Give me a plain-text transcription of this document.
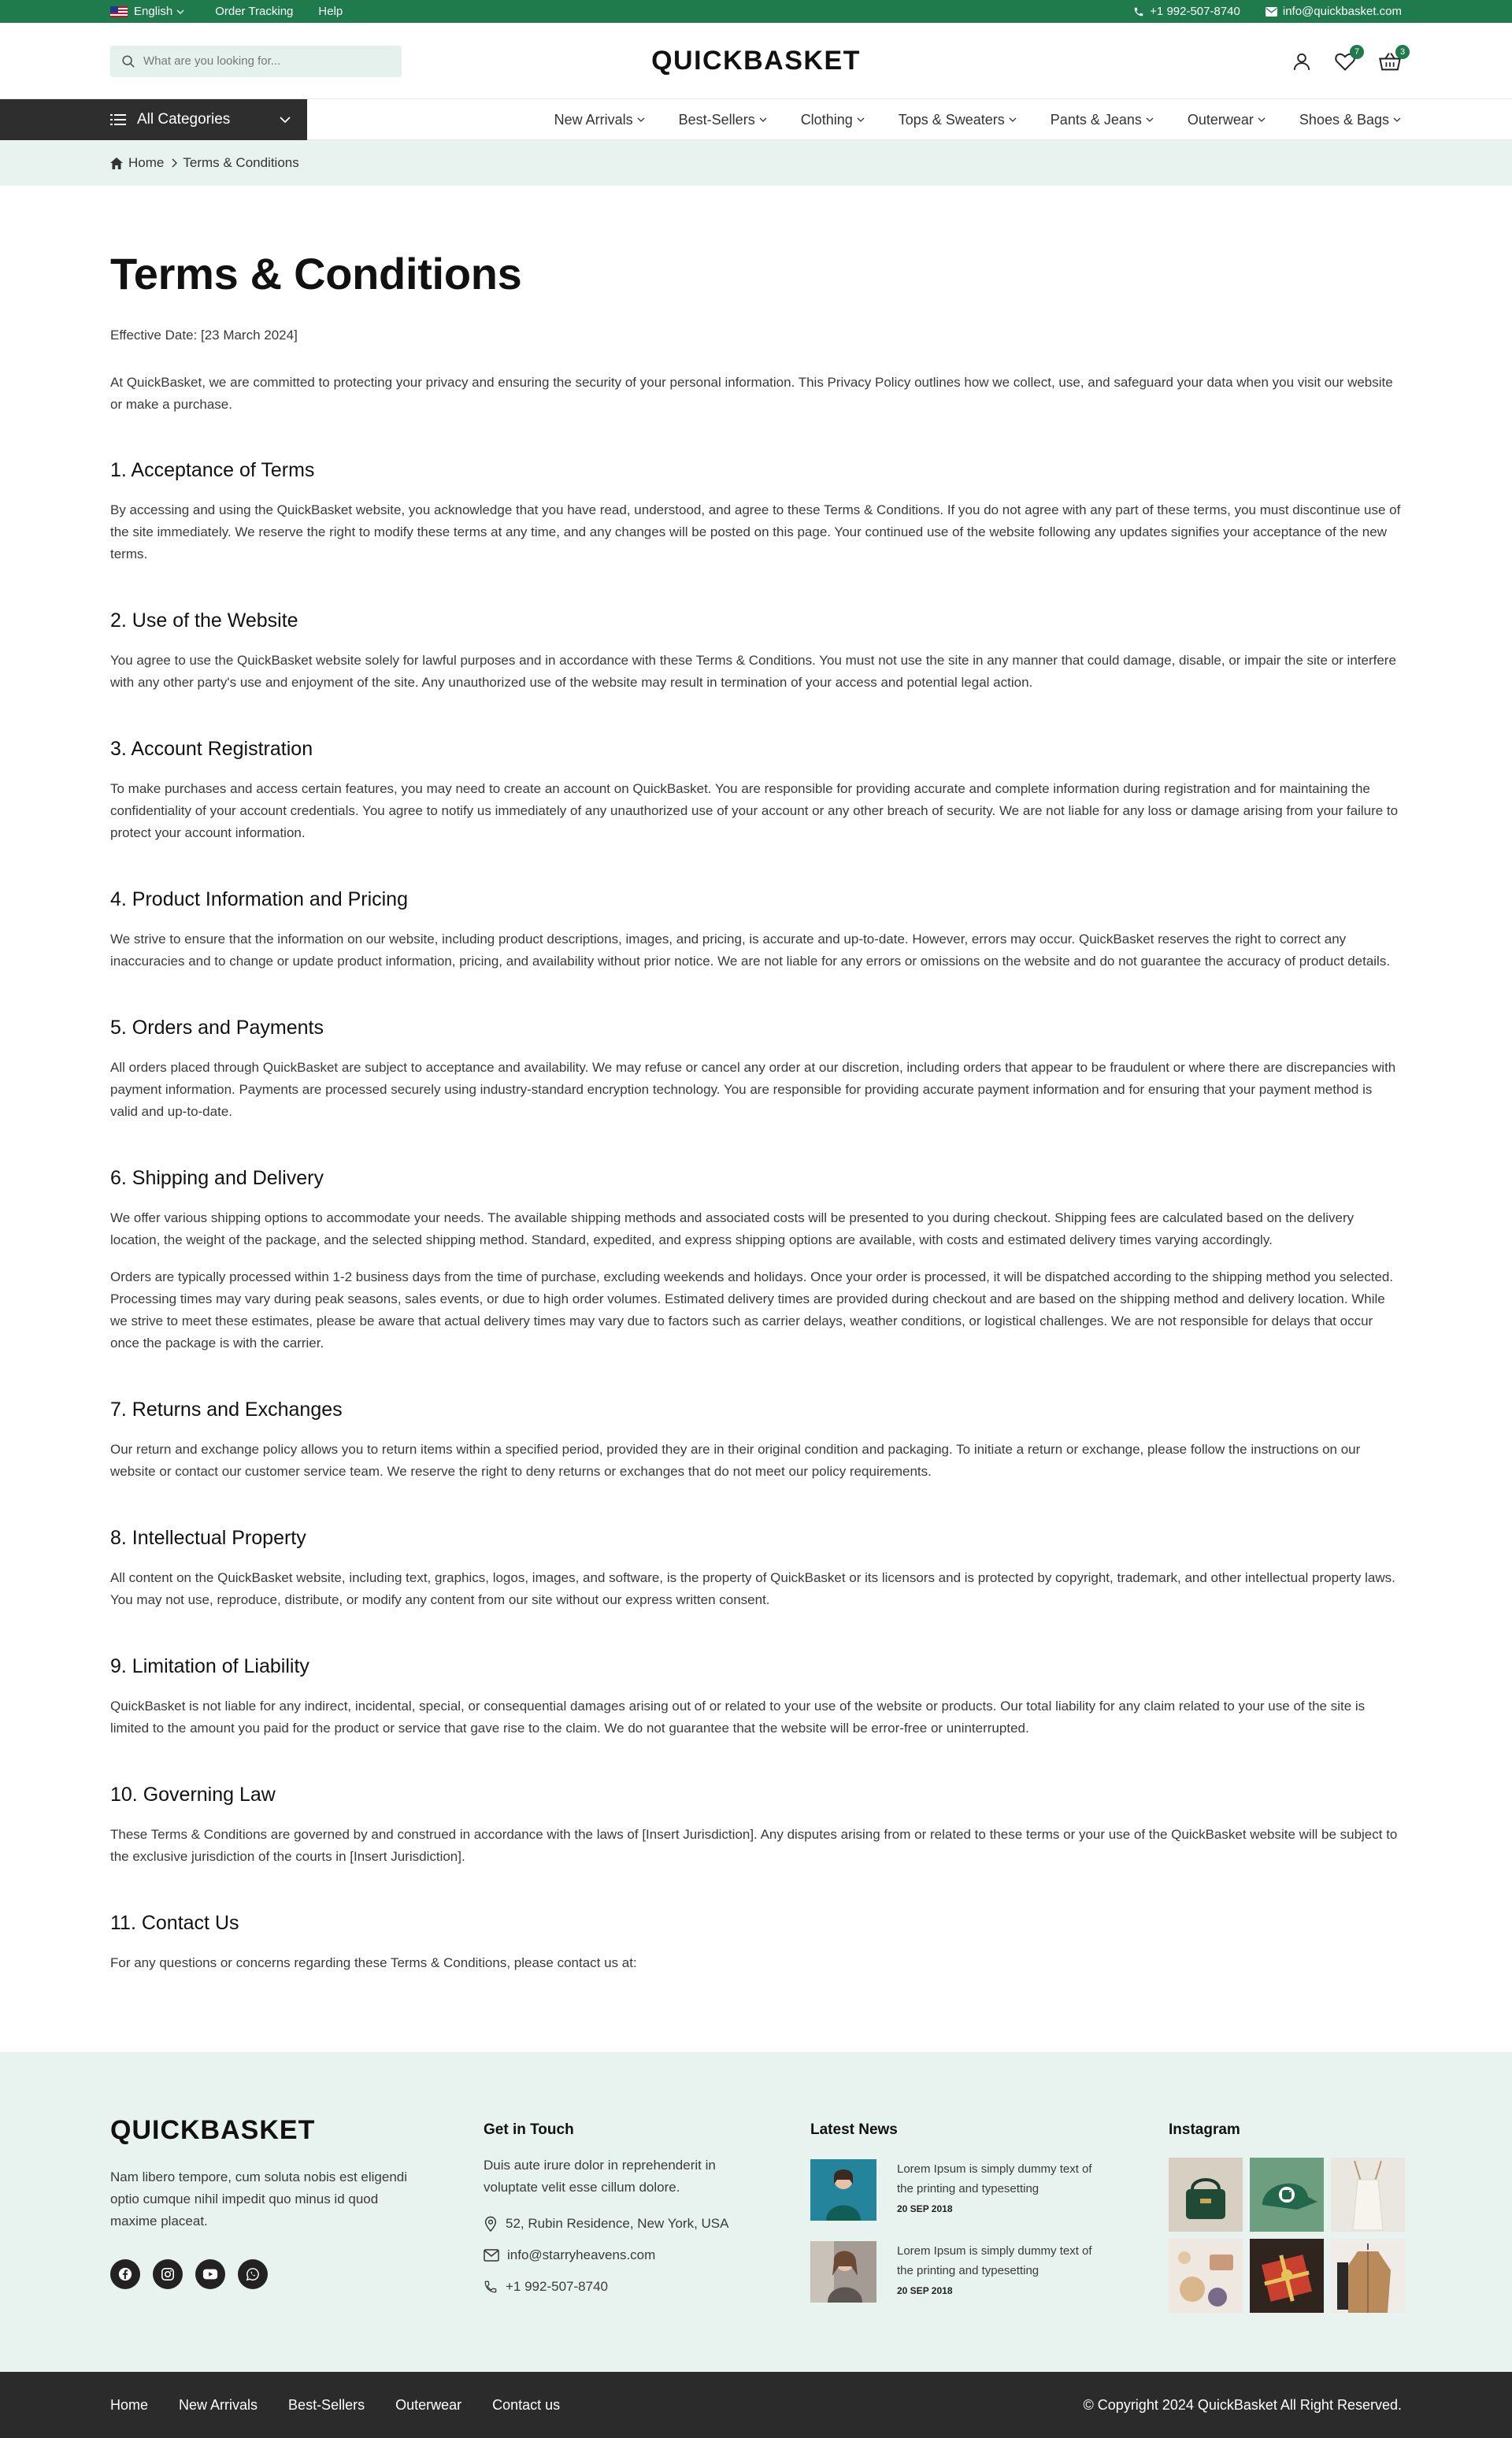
English	Order Tracking Help	+1 992-507-8740	info@quickbasket.com
What are you looking for...
QUICKBASKET	7	3
All Categories	New Arrivals	Best-Sellers	Clothing	Tops & Sweaters	Pants & Jeans	Outerwear	Shoes & Bags
Home Terms & Conditions
Terms & Conditions

Effective Date: [23 March 2024]

At QuickBasket, we are committed to protecting your privacy and ensuring the security of your personal information. This Privacy Policy outlines how we collect, use, and safeguard your data when you visit our website or make a purchase.

1. Acceptance of Terms

By accessing and using the QuickBasket website, you acknowledge that you have read, understood, and agree to these Terms & Conditions. If you do not agree with any part of these terms, you must discontinue use of the site immediately. We reserve the right to modify these terms at any time, and any changes will be posted on this page. Your continued use of the website following any updates signifies your acceptance of the new terms.

2. Use of the Website

You agree to use the QuickBasket website solely for lawful purposes and in accordance with these Terms & Conditions. You must not use the site in any manner that could damage, disable, or impair the site or interfere with any other party's use and enjoyment of the site. Any unauthorized use of the website may result in termination of your access and potential legal action.

3. Account Registration

To make purchases and access certain features, you may need to create an account on QuickBasket. You are responsible for providing accurate and complete information during registration and for maintaining the confidentiality of your account credentials. You agree to notify us immediately of any unauthorized use of your account or any other breach of security. We are not liable for any loss or damage arising from your failure to protect your account information.

4. Product Information and Pricing

We strive to ensure that the information on our website, including product descriptions, images, and pricing, is accurate and up-to-date. However, errors may occur. QuickBasket reserves the right to correct any inaccuracies and to change or update product information, pricing, and availability without prior notice. We are not liable for any errors or omissions on the website and do not guarantee the accuracy of product details.

5. Orders and Payments

All orders placed through QuickBasket are subject to acceptance and availability. We may refuse or cancel any order at our discretion, including orders that appear to be fraudulent or where there are discrepancies with payment information. Payments are processed securely using industry-standard encryption technology. You are responsible for providing accurate payment information and for ensuring that your payment method is valid and up-to-date.

6. Shipping and Delivery

We offer various shipping options to accommodate your needs. The available shipping methods and associated costs will be presented to you during checkout. Shipping fees are calculated based on the delivery location, the weight of the package, and the selected shipping method. Standard, expedited, and express shipping options are available, with costs and estimated delivery times varying accordingly.

Orders are typically processed within 1-2 business days from the time of purchase, excluding weekends and holidays. Once your order is processed, it will be dispatched according to the shipping method you selected. Processing times may vary during peak seasons, sales events, or due to high order volumes. Estimated delivery times are provided during checkout and are based on the shipping method and delivery location. While we strive to meet these estimates, please be aware that actual delivery times may vary due to factors such as carrier delays, weather conditions, or logistical challenges. We are not responsible for delays that occur once the package is with the carrier.

7. Returns and Exchanges

Our return and exchange policy allows you to return items within a specified period, provided they are in their original condition and packaging. To initiate a return or exchange, please follow the instructions on our website or contact our customer service team. We reserve the right to deny returns or exchanges that do not meet our policy requirements.

8. Intellectual Property

All content on the QuickBasket website, including text, graphics, logos, images, and software, is the property of QuickBasket or its licensors and is protected by copyright, trademark, and other intellectual property laws. You may not use, reproduce, distribute, or modify any content from our site without our express written consent.

9. Limitation of Liability

QuickBasket is not liable for any indirect, incidental, special, or consequential damages arising out of or related to your use of the website or products. Our total liability for any claim related to your use of the site is limited to the amount you paid for the product or service that gave rise to the claim. We do not guarantee that the website will be error-free or uninterrupted.

10. Governing Law

These Terms & Conditions are governed by and construed in accordance with the laws of [Insert Jurisdiction]. Any disputes arising from or related to these terms or your use of the QuickBasket website will be subject to the exclusive jurisdiction of the courts in [Insert Jurisdiction].

11. Contact Us

For any questions or concerns regarding these Terms & Conditions, please contact us at:

QUICKBASKET

Nam libero tempore, cum soluta nobis est eligendi optio cumque nihil impedit quo minus id quod maxime placeat.

Get in Touch

Duis aute irure dolor in reprehenderit in voluptate velit esse cillum dolore.

52, Rubin Residence, New York, USA
info@starryheavens.com
+1 992-507-8740
Latest News
Lorem Ipsum is simply dummy text of the printing and typesetting
20 SEP 2018
Lorem Ipsum is simply dummy text of the printing and typesetting
20 SEP 2018
Instagram
Home New Arrivals Best-Sellers Outerwear Contact us	© Copyright 2024 QuickBasket All Right Reserved.
